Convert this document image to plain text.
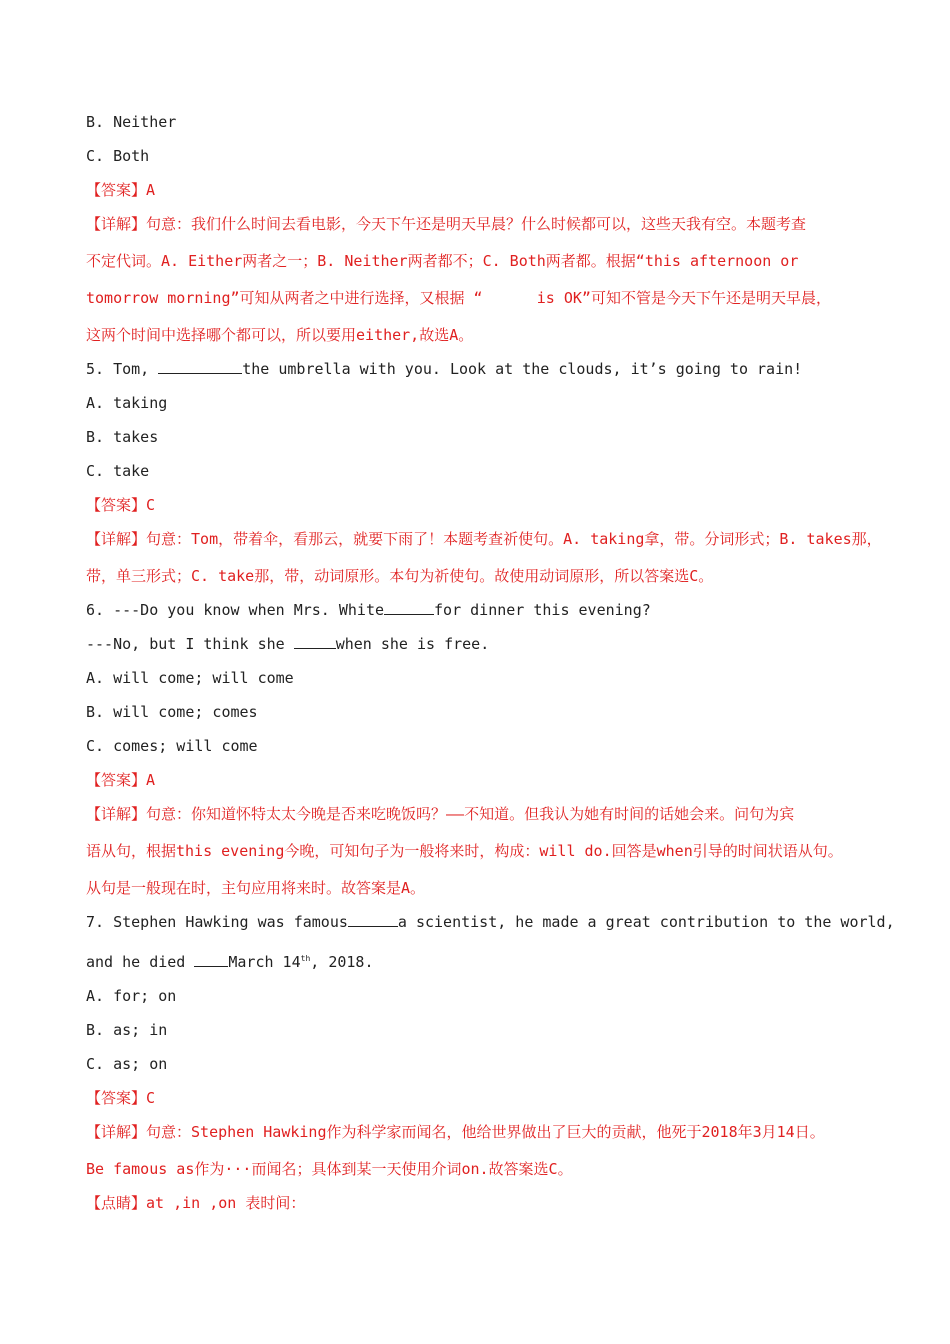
B. Neither

C. Both

【答案】A

【详解】句意：我们什么时间去看电影，今天下午还是明天早晨？什么时候都可以，这些天我有空。本题考查

不定代词。A. Either两者之一；B. Neither两者都不；C. Both两者都。根据“this afternoon or

tomorrow morning”可知从两者之中进行选择，又根据 “      is OK”可知不管是今天下午还是明天早晨，

这两个时间中选择哪个都可以，所以要用either,故选A。

5. Tom,	the umbrella with you. Look at the clouds, it’s going to rain!

A. taking

B. takes

C. take

【答案】C

【详解】句意：Tom，带着伞，看那云，就要下雨了！本题考查祈使句。A. taking拿，带。分词形式；B. takes那，

带，单三形式；C. take那，带，动词原形。本句为祈使句。故使用动词原形，所以答案选C。

6. ---Do you know when Mrs. White	for dinner this evening?

---No, but I think she	when she is free.

A. will come; will come

B. will come; comes

C. comes; will come

【答案】A

【详解】句意：你知道怀特太太今晚是否来吃晚饭吗？——不知道。但我认为她有时间的话她会来。问句为宾

语从句，根据this evening今晚，可知句子为一般将来时，构成：will do.回答是when引导的时间状语从句。

从句是一般现在时，主句应用将来时。故答案是A。

7. Stephen Hawking was famous	a scientist, he made a great contribution to the world,

and he died March 14th, 2018.

A. for; on

B. as; in

C. as; on

【答案】C

【详解】句意：Stephen Hawking作为科学家而闻名，他给世界做出了巨大的贡献，他死于2018年3月14日。

Be famous as作为···而闻名；具体到某一天使用介词on.故答案选C。

【点睛】at ,in ,on 表时间：
